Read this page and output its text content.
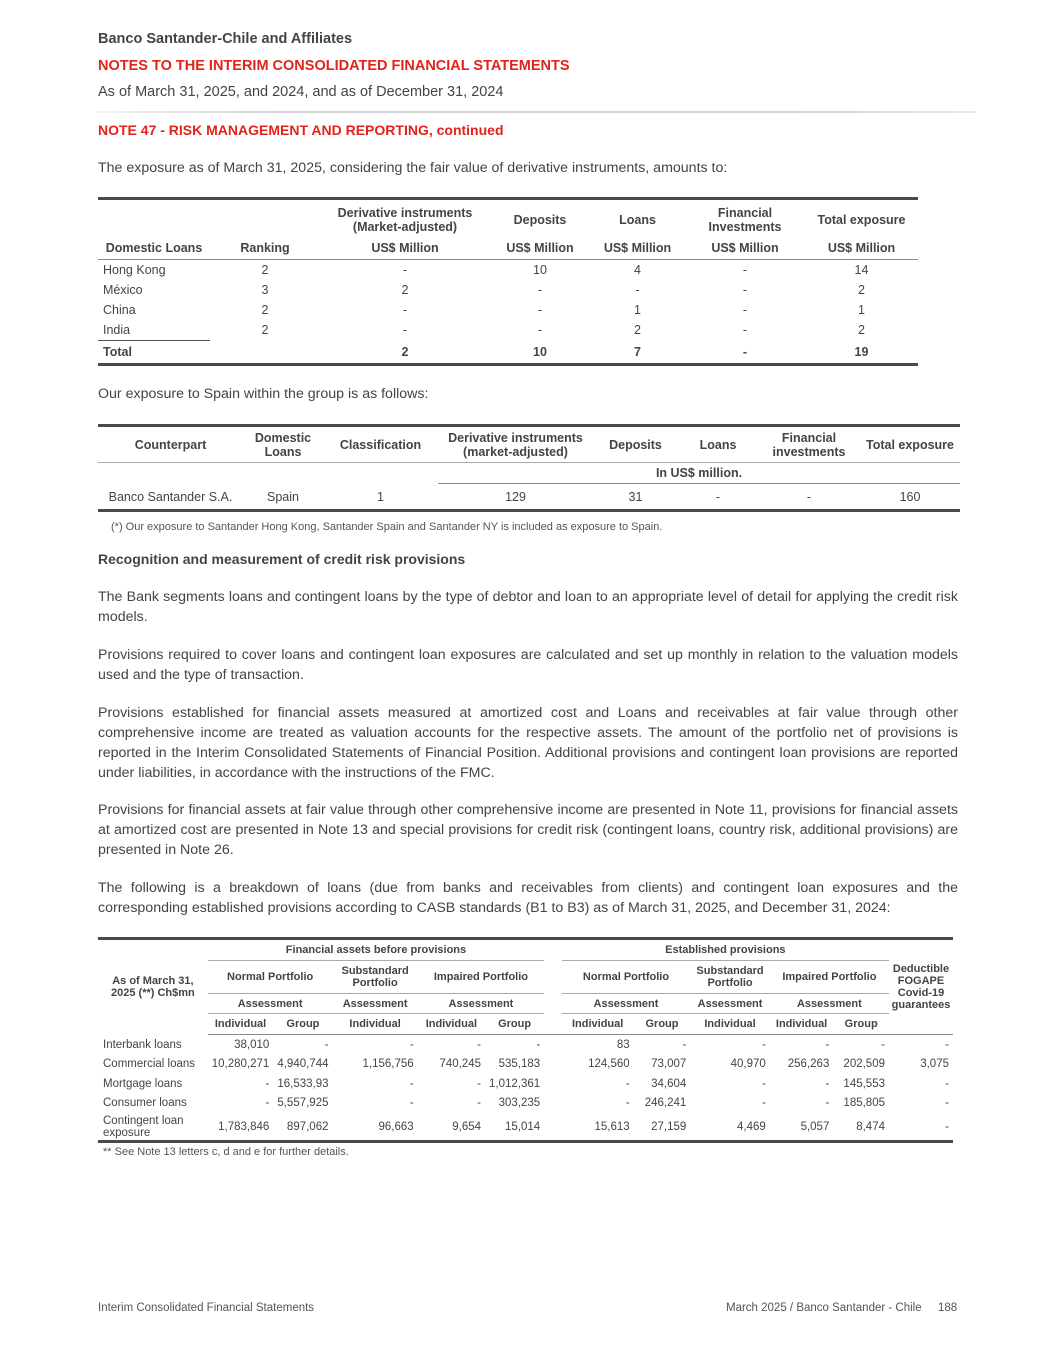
Banco Santander-Chile and Affiliates
NOTES TO THE INTERIM CONSOLIDATED FINANCIAL STATEMENTS
As of March 31, 2025, and 2024, and as of December 31, 2024
NOTE 47 - RISK MANAGEMENT AND REPORTING, continued
The exposure as of March 31, 2025, considering the fair value of derivative instruments, amounts to:
		Derivative instruments (Market-adjusted)	Deposits	Loans	Financial Investments	Total exposure
Domestic Loans	Ranking	US$ Million	US$ Million	US$ Million	US$ Million	US$ Million
Hong Kong	2	-	10	4	-	14
México	3	2	-	-	-	2
China	2	-	-	1	-	1
India	2	-	-	2	-	2
Total		2	10	7	-	19
Our exposure to Spain within the group is as follows:
Counterpart	Domestic Loans	Classification	Derivative instruments (market-adjusted)	Deposits	Loans	Financial investments	Total exposure
			In US$ million.				
Banco Santander S.A.	Spain	1	129	31	-	-	160
(*) Our exposure to Santander Hong Kong, Santander Spain and Santander NY is included as exposure to Spain.
Recognition and measurement of credit risk provisions
The Bank segments loans and contingent loans by the type of debtor and loan to an appropriate level of detail for applying the credit risk models.
Provisions required to cover loans and contingent loan exposures are calculated and set up monthly in relation to the valuation models used and the type of transaction.
Provisions established for financial assets measured at amortized cost and Loans and receivables at fair value through other comprehensive income are treated as valuation accounts for the respective assets. The amount of the portfolio net of provisions is reported in the Interim Consolidated Statements of Financial Position. Additional provisions and contingent loan provisions are reported under liabilities, in accordance with the instructions of the FMC.
Provisions for financial assets at fair value through other comprehensive income are presented in Note 11, provisions for financial assets at amortized cost are presented in Note 13 and special provisions for credit risk (contingent loans, country risk, additional provisions) are presented in Note 26.
The following is a breakdown of loans (due from banks and receivables from clients) and contingent loan exposures and the corresponding established provisions according to CASB standards (B1 to B3) as of March 31, 2025, and December 31, 2024:
As of March 31, 2025 (**) Ch$mn	Financial assets before provisions						Established provisions					Deductible FOGAPE Covid-19 guarantees
	Normal Portfolio		Substandard Portfolio	Impaired Portfolio			Normal Portfolio		Substandard Portfolio	Impaired Portfolio		
	Assessment		Assessment	Assessment			Assessment		Assessment	Assessment		
	Individual	Group	Individual	Individual	Group		Individual	Group	Individual	Individual	Group	
Interbank loans	38,010	-	-	-	-		83	-	-	-	-	-
Commercial loans	10,280,271	4,940,744	1,156,756	740,245	535,183		124,560	73,007	40,970	256,263	202,509	3,075
Mortgage loans	-	16,533,93	-	-	1,012,361		-	34,604	-	-	145,553	-
Consumer loans	-	5,557,925	-	-	303,235		-	246,241	-	-	185,805	-
Contingent loan exposure	1,783,846	897,062	96,663	9,654	15,014		15,613	27,159	4,469	5,057	8,474	-
** See Note 13 letters c, d and e for further details.
Interim Consolidated Financial Statements	March 2025 / Banco Santander - Chile 188
